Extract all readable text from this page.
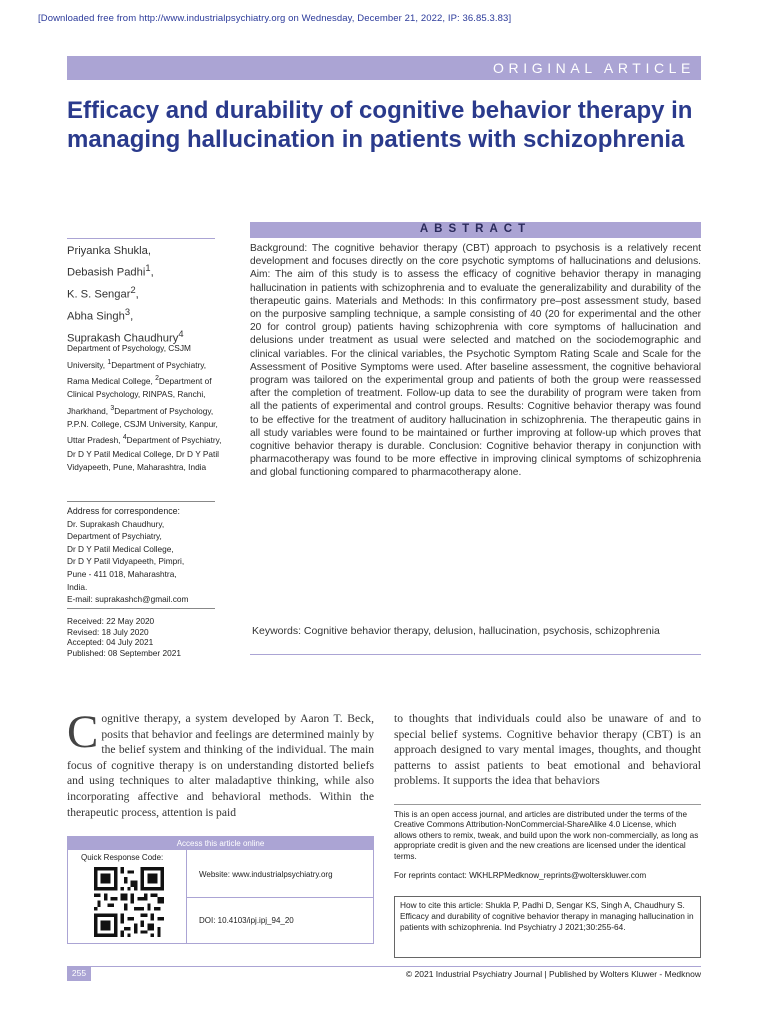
[Downloaded free from http://www.industrialpsychiatry.org on Wednesday, December 21, 2022, IP: 36.85.3.83]
ORIGINAL ARTICLE
Efficacy and durability of cognitive behavior therapy in managing hallucination in patients with schizophrenia
ABSTRACT
Priyanka Shukla,
Debasish Padhi$^1$,
K. S. Sengar$^2$,
Abha Singh$^3$,
Suprakash Chaudhury$^4$
Department of Psychology, CSJM University, $^1$Department of Psychiatry, Rama Medical College, $^2$Department of Clinical Psychology, RINPAS, Ranchi, Jharkhand, $^3$Department of Psychology, P.P.N. College, CSJM University, Kanpur, Uttar Pradesh, $^4$Department of Psychiatry, Dr D Y Patil Medical College, Dr D Y Patil Vidyapeeth, Pune, Maharashtra, India
Address for correspondence:
Dr. Suprakash Chaudhury,
Department of Psychiatry,
Dr D Y Patil Medical College,
Dr D Y Patil Vidyapeeth, Pimpri,
Pune - 411 018, Maharashtra,
India.
E-mail: suprakashch@gmail.com
Received: 22 May 2020
Revised: 18 July 2020
Accepted: 04 July 2021
Published: 08 September 2021

Background: The cognitive behavior therapy (CBT) approach to psychosis is a relatively recent development and focuses directly on the core psychotic symptoms of hallucinations and delusions. Aim: The aim of this study is to assess the efficacy of cognitive behavior therapy in managing hallucination in patients with schizophrenia and to evaluate the generalizability and durability of the therapeutic gains. Materials and Methods: In this confirmatory pre–post assessment study, based on the purposive sampling technique, a sample consisting of 40 (20 for experimental and the other 20 for control group) patients having schizophrenia with core symptoms of hallucination and delusions under treatment as usual were selected and matched on the sociodemographic and clinical variables. For the clinical variables, the Psychotic Symptom Rating Scale and Scale for the Assessment of Positive Symptoms were used. After baseline assessment, the cognitive behavioral program was tailored on the experimental group and patients of both the group were reassessed after the completion of treatment. Follow-up data to see the durability of program were taken from all the patients of experimental and control groups. Results: Cognitive behavior therapy was found to be effective for the treatment of auditory hallucination in schizophrenia. The therapeutic gains in all study variables were found to be maintained or further improving at follow-up which proves that cognitive behavior therapy is durable. Conclusion: Cognitive behavior therapy in conjunction with pharmacotherapy was found to be more effective in improving clinical symptoms of schizophrenia and global functioning compared to pharmacotherapy alone.

Keywords: Cognitive behavior therapy, delusion, hallucination, psychosis, schizophrenia

Cognitive therapy, a system developed by Aaron T. Beck, posits that behavior and feelings are determined mainly by the belief system and thinking of the individual. The main focus of cognitive therapy is on understanding distorted beliefs and using techniques to alter maladaptive thinking, while also incorporating affective and behavioral methods. Within the therapeutic process, attention is paid
to thoughts that individuals could also be unaware of and to special belief systems. Cognitive behavior therapy (CBT) is an approach designed to vary mental images, thoughts, and thought patterns to assist patients to beat emotional and behavioral problems. It supports the idea that behaviors

This is an open access journal, and articles are distributed under the terms of the Creative Commons Attribution-NonCommercial-ShareAlike 4.0 License, which allows others to remix, tweak, and build upon the work non-commercially, as long as appropriate credit is given and the new creations are licensed under the identical terms.

For reprints contact: WKHLRPMedknow_reprints@wolterskluwer.com

How to cite this article: Shukla P, Padhi D, Sengar KS, Singh A, Chaudhury S. Efficacy and durability of cognitive behavior therapy in managing hallucination in patients with schizophrenia. Ind Psychiatry J 2021;30:255-64.
Access this article online
Quick Response Code:
Website: www.industrialpsychiatry.org
DOI: 10.4103/ipj.ipj_94_20
255	© 2021 Industrial Psychiatry Journal | Published by Wolters Kluwer - Medknow
